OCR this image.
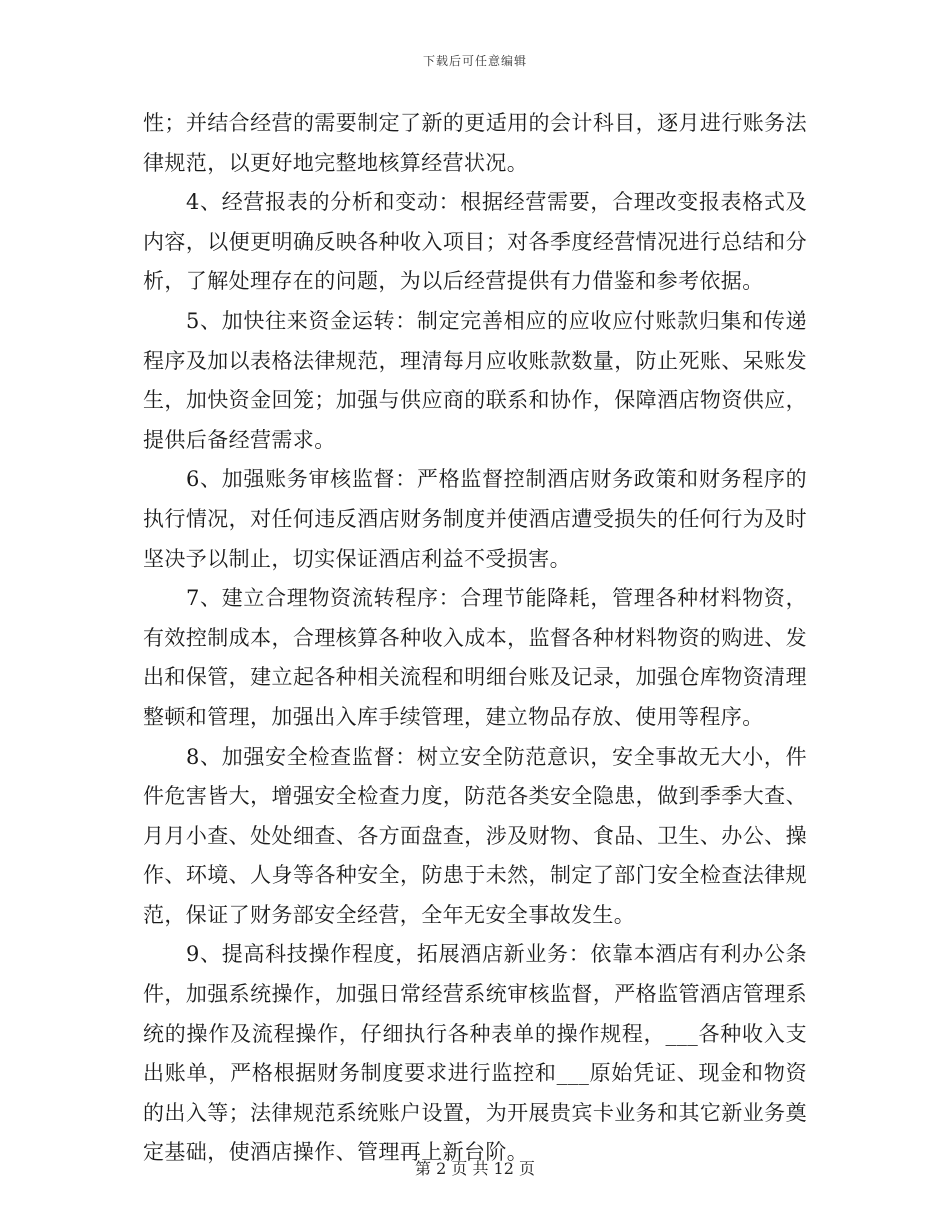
下载后可任意编辑

性；并结合经营的需要制定了新的更适用的会计科目，逐月进行账务法律规范，以更好地完整地核算经营状况。

4、经营报表的分析和变动：根据经营需要，合理改变报表格式及内容，以便更明确反映各种收入项目；对各季度经营情况进行总结和分析，了解处理存在的问题，为以后经营提供有力借鉴和参考依据。

5、加快往来资金运转：制定完善相应的应收应付账款归集和传递程序及加以表格法律规范，理清每月应收账款数量，防止死账、呆账发生，加快资金回笼；加强与供应商的联系和协作，保障酒店物资供应，提供后备经营需求。

6、加强账务审核监督：严格监督控制酒店财务政策和财务程序的执行情况，对任何违反酒店财务制度并使酒店遭受损失的任何行为及时坚决予以制止，切实保证酒店利益不受损害。

7、建立合理物资流转程序：合理节能降耗，管理各种材料物资，有效控制成本，合理核算各种收入成本，监督各种材料物资的购进、发出和保管，建立起各种相关流程和明细台账及记录，加强仓库物资清理整顿和管理，加强出入库手续管理，建立物品存放、使用等程序。

8、加强安全检查监督：树立安全防范意识，安全事故无大小，件件危害皆大，增强安全检查力度，防范各类安全隐患，做到季季大查、月月小查、处处细查、各方面盘查，涉及财物、食品、卫生、办公、操作、环境、人身等各种安全，防患于未然，制定了部门安全检查法律规范，保证了财务部安全经营，全年无安全事故发生。

9、提高科技操作程度，拓展酒店新业务：依靠本酒店有利办公条件，加强系统操作，加强日常经营系统审核监督，严格监管酒店管理系统的操作及流程操作，仔细执行各种表单的操作规程，___各种收入支出账单，严格根据财务制度要求进行监控和___原始凭证、现金和物资的出入等；法律规范系统账户设置，为开展贵宾卡业务和其它新业务奠定基础，使酒店操作、管理再上新台阶。

第 2 页 共 12 页
